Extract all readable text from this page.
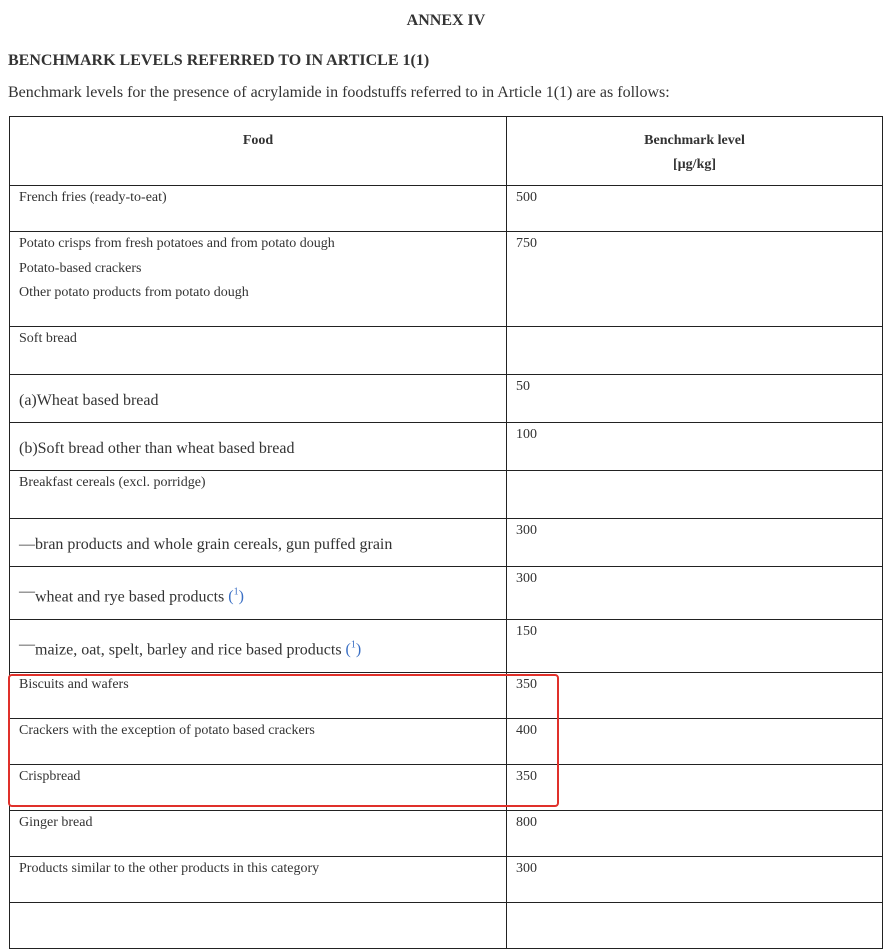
ANNEX IV
BENCHMARK LEVELS REFERRED TO IN ARTICLE 1(1)
Benchmark levels for the presence of acrylamide in foodstuffs referred to in Article 1(1) are as follows:
Food	Benchmark level
[µg/kg]
French fries (ready-to-eat)	500
Potato crisps from fresh potatoes and from potato dough
Potato-based crackers
Other potato products from potato dough	750
Soft bread	
(a)Wheat based bread	50
(b)Soft bread other than wheat based bread	100
Breakfast cereals (excl. porridge)	
—bran products and whole grain cereals, gun puffed grain	300
—wheat and rye based products ($^1$)	300
—maize, oat, spelt, barley and rice based products ($^1$)	150
Biscuits and wafers	350
Crackers with the exception of potato based crackers	400
Crispbread	350
Ginger bread	800
Products similar to the other products in this category	300
